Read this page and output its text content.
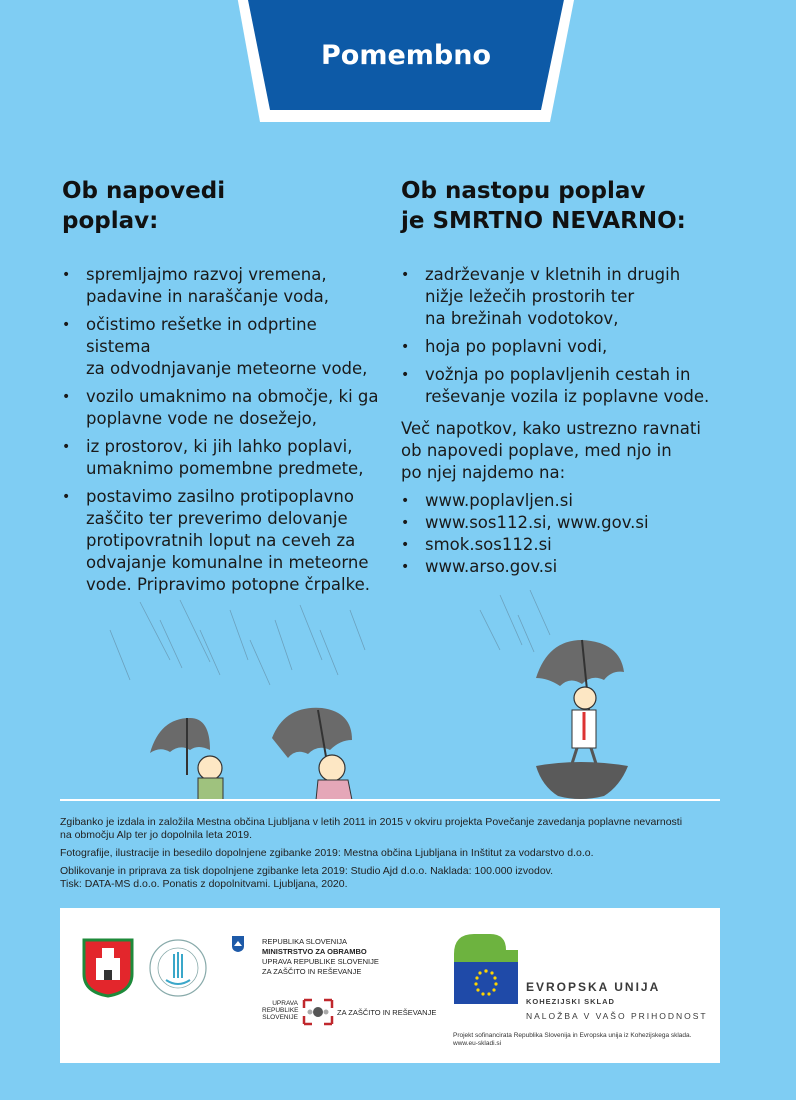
Pomembno
Ob napovedi
poplav:
• spremljajmo razvoj vremena,
padavine in naraščanje voda,
• očistimo rešetke in odprtine sistema
za odvodnjavanje meteorne vode,
• vozilo umaknimo na območje, ki ga
poplavne vode ne dosežejo,
• iz prostorov, ki jih lahko poplavi,
umaknimo pomembne predmete,
• postavimo zasilno protipoplavno
zaščito ter preverimo delovanje
protipovratnih loput na ceveh za
odvajanje komunalne in meteorne
vode. Pripravimo potopne črpalke.
Ob nastopu poplav
je SMRTNO NEVARNO:
• zadrževanje v kletnih in drugih
nižje ležečih prostorih ter
na brežinah vodotokov,
• hoja po poplavni vodi,
• vožnja po poplavljenih cestah in
reševanje vozila iz poplavne vode.

Več napotkov, kako ustrezno ravnati
ob napovedi poplave, med njo in
po njej najdemo na:

• www.poplavljen.si
• www.sos112.si, www.gov.si
• smok.sos112.si
• www.arso.gov.si

Zgibanko je izdala in založila Mestna občina Ljubljana v letih 2011 in 2015 v okviru projekta Povečanje zavedanja poplavne nevarnosti
na območju Alp ter jo dopolnila leta 2019.

Fotografije, ilustracije in besedilo dopolnjene zgibanke 2019: Mestna občina Ljubljana in Inštitut za vodarstvo d.o.o.

Oblikovanje in priprava za tisk dopolnjene zgibanke leta 2019: Studio Ajd d.o.o. Naklada: 100.000 izvodov.
Tisk: DATA-MS d.o.o. Ponatis z dopolnitvami. Ljubljana, 2020.

REPUBLIKA SLOVENIJA
MINISTRSTVO ZA OBRAMBO
UPRAVA REPUBLIKE SLOVENIJE
ZA ZAŠČITO IN REŠEVANJE
UPRAVA
REPUBLIKE
SLOVENIJE
ZA ZAŠČITO IN REŠEVANJE
EVROPSKA UNIJA
KOHEZIJSKI SKLAD
NALOŽBA V VAŠO PRIHODNOST
Projekt sofinancirata Republika Slovenija in Evropska unija iz Kohezijskega sklada.
www.eu-skladi.si
